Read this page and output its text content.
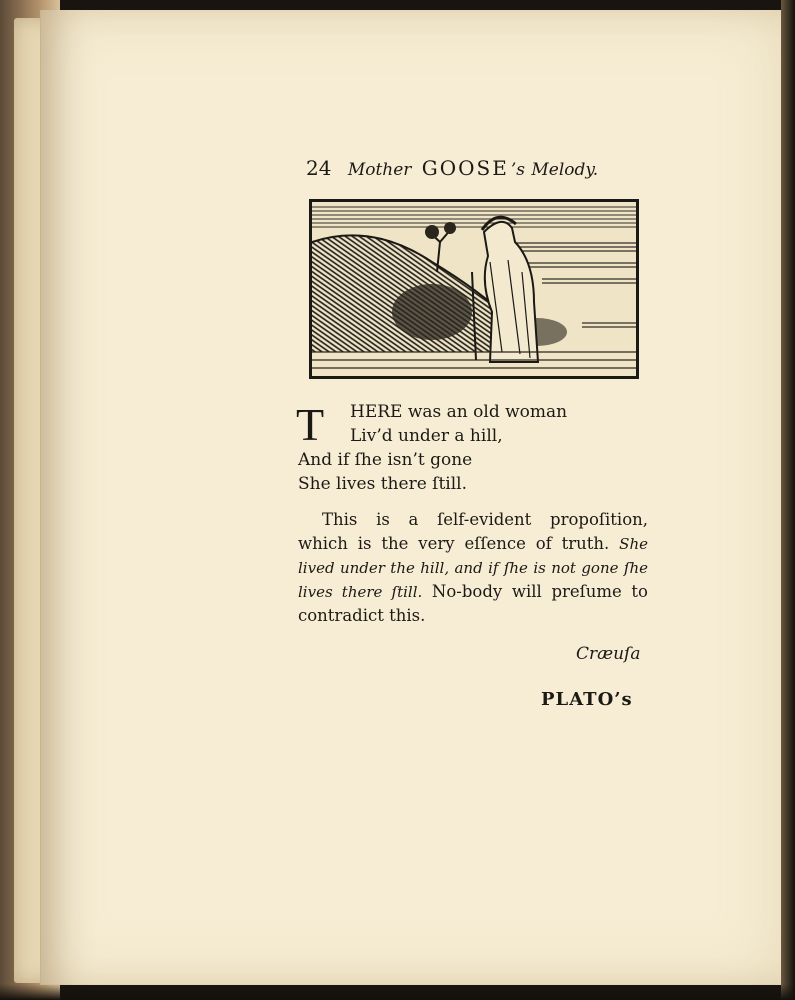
24 Mother GOOSE ’s Melody.
T	HERE was an old woman
Liv’d under a hill,
And if ſhe isn’t gone
She lives there ſtill.

This is a ſelf-evident propoſition, which is the very eſſence of truth. She lived under the hill, and if ſhe is not gone ſhe lives there ſtill. No-body will preſume to contradict this.

Cræuſa
PLATO’s
